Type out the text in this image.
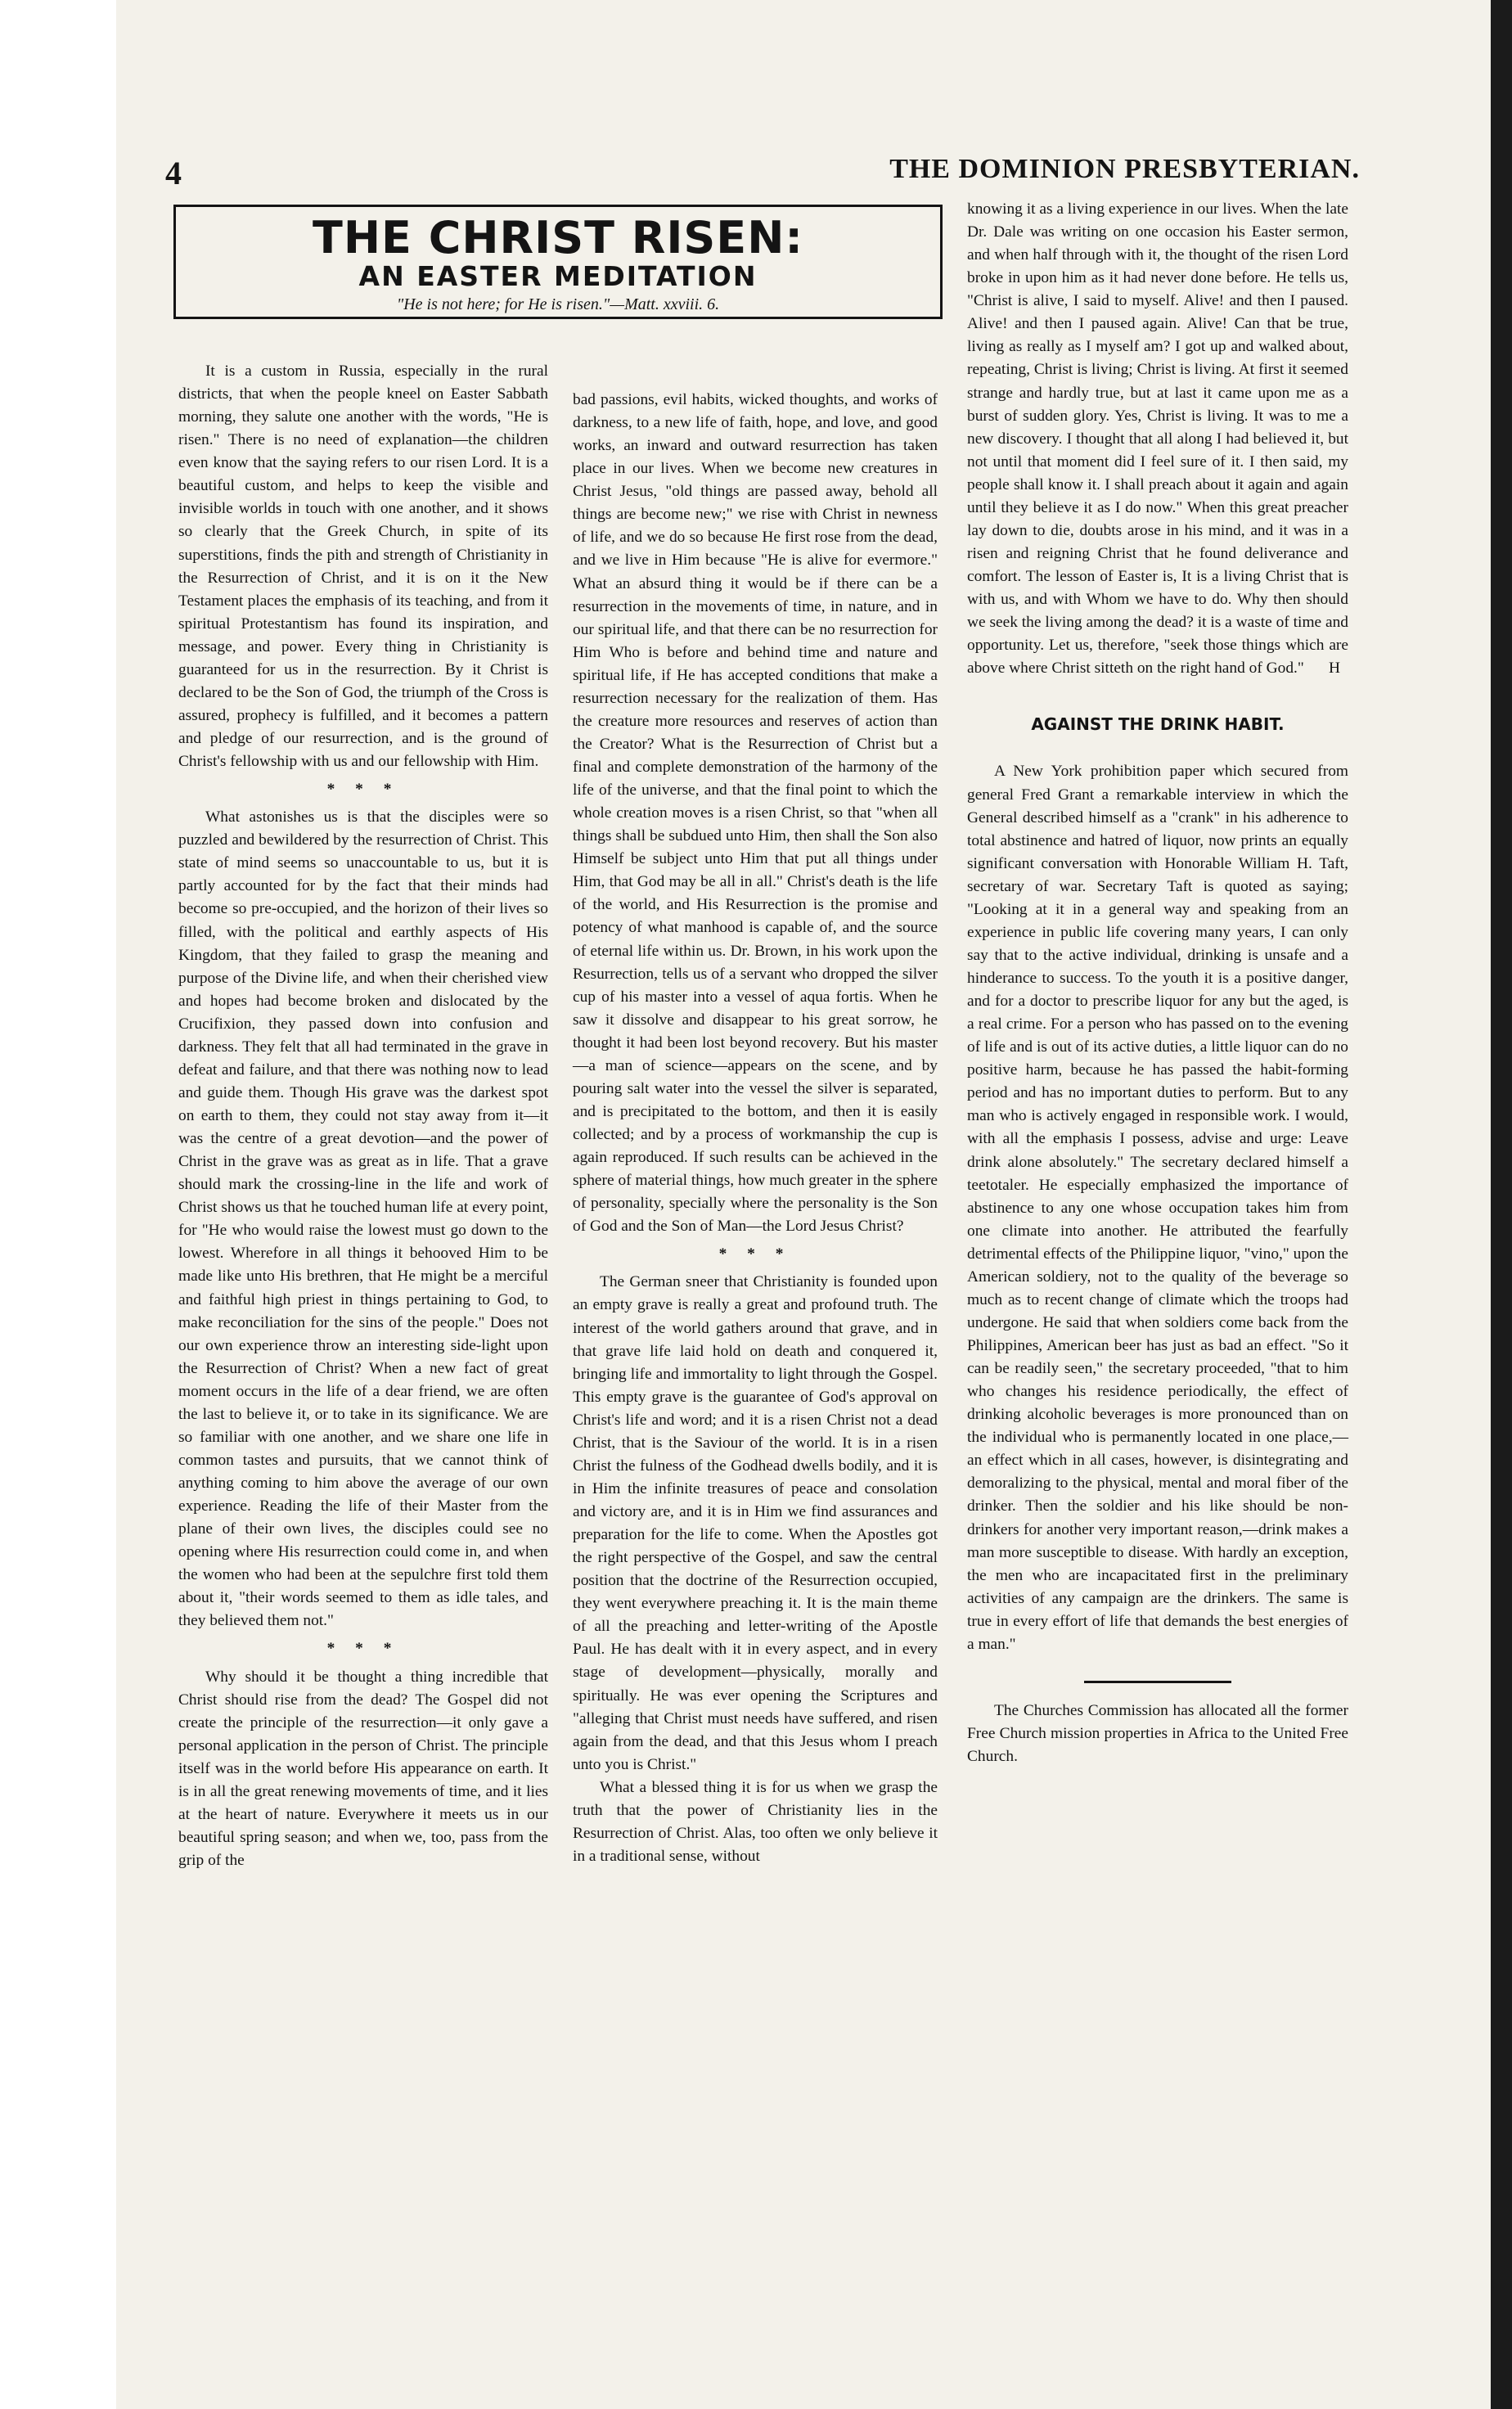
4	THE DOMINION PRESBYTERIAN.
THE CHRIST RISEN:
AN EASTER MEDITATION
"He is not here; for He is risen."—Matt. xxviii. 6.

It is a custom in Russia, especially in the rural districts, that when the people kneel on Easter Sabbath morning, they salute one another with the words, "He is risen." There is no need of explanation—the children even know that the saying refers to our risen Lord. It is a beautiful custom, and helps to keep the visible and invisible worlds in touch with one another, and it shows so clearly that the Greek Church, in spite of its superstitions, finds the pith and strength of Christianity in the Resurrection of Christ, and it is on it the New Testament places the emphasis of its teaching, and from it spiritual Protestantism has found its inspiration, and message, and power. Every thing in Christianity is guaranteed for us in the resurrection. By it Christ is declared to be the Son of God, the triumph of the Cross is assured, prophecy is fulfilled, and it becomes a pattern and pledge of our resurrection, and is the ground of Christ's fellowship with us and our fellowship with Him.

* * *

What astonishes us is that the disciples were so puzzled and bewildered by the resurrection of Christ. This state of mind seems so unaccountable to us, but it is partly accounted for by the fact that their minds had become so pre-occupied, and the horizon of their lives so filled, with the political and earthly aspects of His Kingdom, that they failed to grasp the meaning and purpose of the Divine life, and when their cherished view and hopes had become broken and dislocated by the Crucifixion, they passed down into confusion and darkness. They felt that all had terminated in the grave in defeat and failure, and that there was nothing now to lead and guide them. Though His grave was the darkest spot on earth to them, they could not stay away from it—it was the centre of a great devotion—and the power of Christ in the grave was as great as in life. That a grave should mark the crossing-line in the life and work of Christ shows us that he touched human life at every point, for "He who would raise the lowest must go down to the lowest. Wherefore in all things it behooved Him to be made like unto His brethren, that He might be a merciful and faithful high priest in things pertaining to God, to make reconciliation for the sins of the people." Does not our own experience throw an interesting side-light upon the Resurrection of Christ? When a new fact of great moment occurs in the life of a dear friend, we are often the last to believe it, or to take in its significance. We are so familiar with one another, and we share one life in common tastes and pursuits, that we cannot think of anything coming to him above the average of our own experience. Reading the life of their Master from the plane of their own lives, the disciples could see no opening where His resurrection could come in, and when the women who had been at the sepulchre first told them about it, "their words seemed to them as idle tales, and they believed them not."

* * *

Why should it be thought a thing incredible that Christ should rise from the dead? The Gospel did not create the principle of the resurrection—it only gave a personal application in the person of Christ. The principle itself was in the world before His appearance on earth. It is in all the great renewing movements of time, and it lies at the heart of nature. Everywhere it meets us in our beautiful spring season; and when we, too, pass from the grip of the

bad passions, evil habits, wicked thoughts, and works of darkness, to a new life of faith, hope, and love, and good works, an inward and outward resurrection has taken place in our lives. When we become new creatures in Christ Jesus, "old things are passed away, behold all things are become new;" we rise with Christ in newness of life, and we do so because He first rose from the dead, and we live in Him because "He is alive for evermore." What an absurd thing it would be if there can be a resurrection in the movements of time, in nature, and in our spiritual life, and that there can be no resurrection for Him Who is before and behind time and nature and spiritual life, if He has accepted conditions that make a resurrection necessary for the realization of them. Has the creature more resources and reserves of action than the Creator? What is the Resurrection of Christ but a final and complete demonstration of the harmony of the life of the universe, and that the final point to which the whole creation moves is a risen Christ, so that "when all things shall be subdued unto Him, then shall the Son also Himself be subject unto Him that put all things under Him, that God may be all in all." Christ's death is the life of the world, and His Resurrection is the promise and potency of what manhood is capable of, and the source of eternal life within us. Dr. Brown, in his work upon the Resurrection, tells us of a servant who dropped the silver cup of his master into a vessel of aqua fortis. When he saw it dissolve and disappear to his great sorrow, he thought it had been lost beyond recovery. But his master—a man of science—appears on the scene, and by pouring salt water into the vessel the silver is separated, and is precipitated to the bottom, and then it is easily collected; and by a process of workmanship the cup is again reproduced. If such results can be achieved in the sphere of material things, how much greater in the sphere of personality, specially where the personality is the Son of God and the Son of Man—the Lord Jesus Christ?

* * *

The German sneer that Christianity is founded upon an empty grave is really a great and profound truth. The interest of the world gathers around that grave, and in that grave life laid hold on death and conquered it, bringing life and immortality to light through the Gospel. This empty grave is the guarantee of God's approval on Christ's life and word; and it is a risen Christ not a dead Christ, that is the Saviour of the world. It is in a risen Christ the fulness of the Godhead dwells bodily, and it is in Him the infinite treasures of peace and consolation and victory are, and it is in Him we find assurances and preparation for the life to come. When the Apostles got the right perspective of the Gospel, and saw the central position that the doctrine of the Resurrection occupied, they went everywhere preaching it. It is the main theme of all the preaching and letter-writing of the Apostle Paul. He has dealt with it in every aspect, and in every stage of development—physically, morally and spiritually. He was ever opening the Scriptures and "alleging that Christ must needs have suffered, and risen again from the dead, and that this Jesus whom I preach unto you is Christ."

What a blessed thing it is for us when we grasp the truth that the power of Christianity lies in the Resurrection of Christ. Alas, too often we only believe it in a traditional sense, without

knowing it as a living experience in our lives. When the late Dr. Dale was writing on one occasion his Easter sermon, and when half through with it, the thought of the risen Lord broke in upon him as it had never done before. He tells us, "Christ is alive, I said to myself. Alive! and then I paused. Alive! and then I paused again. Alive! Can that be true, living as really as I myself am? I got up and walked about, repeating, Christ is living; Christ is living. At first it seemed strange and hardly true, but at last it came upon me as a burst of sudden glory. Yes, Christ is living. It was to me a new discovery. I thought that all along I had believed it, but not until that moment did I feel sure of it. I then said, my people shall know it. I shall preach about it again and again until they believe it as I do now." When this great preacher lay down to die, doubts arose in his mind, and it was in a risen and reigning Christ that he found deliverance and comfort. The lesson of Easter is, It is a living Christ that is with us, and with Whom we have to do. Why then should we seek the living among the dead? it is a waste of time and opportunity. Let us, therefore, "seek those things which are above where Christ sitteth on the right hand of God."	H
AGAINST THE DRINK HABIT.

A New York prohibition paper which secured from general Fred Grant a remarkable interview in which the General described himself as a "crank" in his adherence to total abstinence and hatred of liquor, now prints an equally significant conversation with Honorable William H. Taft, secretary of war. Secretary Taft is quoted as saying; "Looking at it in a general way and speaking from an experience in public life covering many years, I can only say that to the active individual, drinking is unsafe and a hinderance to success. To the youth it is a positive danger, and for a doctor to prescribe liquor for any but the aged, is a real crime. For a person who has passed on to the evening of life and is out of its active duties, a little liquor can do no positive harm, because he has passed the habit-forming period and has no important duties to perform. But to any man who is actively engaged in responsible work. I would, with all the emphasis I possess, advise and urge: Leave drink alone absolutely." The secretary declared himself a teetotaler. He especially emphasized the importance of abstinence to any one whose occupation takes him from one climate into another. He attributed the fearfully detrimental effects of the Philippine liquor, "vino," upon the American soldiery, not to the quality of the beverage so much as to recent change of climate which the troops had undergone. He said that when soldiers come back from the Philippines, American beer has just as bad an effect. "So it can be readily seen," the secretary proceeded, "that to him who changes his residence periodically, the effect of drinking alcoholic beverages is more pronounced than on the individual who is permanently located in one place,—an effect which in all cases, however, is disintegrating and demoralizing to the physical, mental and moral fiber of the drinker. Then the soldier and his like should be non-drinkers for another very important reason,—drink makes a man more susceptible to disease. With hardly an exception, the men who are incapacitated first in the preliminary activities of any campaign are the drinkers. The same is true in every effort of life that demands the best energies of a man."

The Churches Commission has allocated all the former Free Church mission properties in Africa to the United Free Church.
